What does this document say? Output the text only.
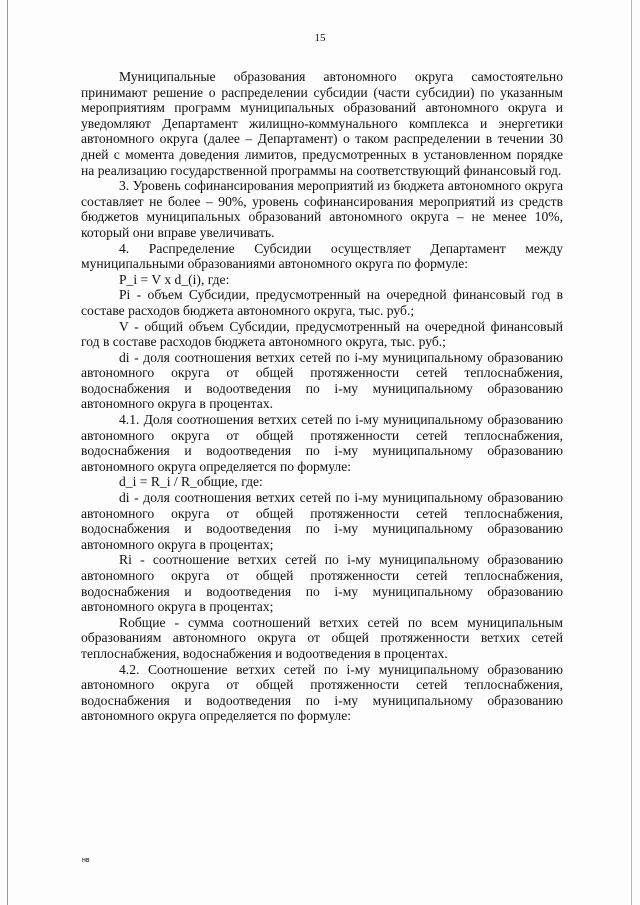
15

Муниципальные образования автономного округа самостоятельно принимают решение о распределении субсидии (части субсидии) по указанным мероприятиям программ муниципальных образований автономного округа и уведомляют Департамент жилищно-коммунального комплекса и энергетики автономного округа (далее – Департамент) о таком распределении в течении 30 дней с момента доведения лимитов, предусмотренных в установленном порядке на реализацию государственной программы на соответствующий финансовый год.

3. Уровень софинансирования мероприятий из бюджета автономного округа составляет не более – 90%, уровень софинансирования мероприятий из средств бюджетов муниципальных образований автономного округа – не менее 10%, который они вправе увеличивать.

4. Распределение Субсидии осуществляет Департамент между муниципальными образованиями автономного округа по формуле:

P_i = V x d_(i), где:

Pi - объем Субсидии, предусмотренный на очередной финансовый год в составе расходов бюджета автономного округа, тыс. руб.;

V - общий объем Субсидии, предусмотренный на очередной финансовый год в составе расходов бюджета автономного округа, тыс. руб.;

di - доля соотношения ветхих сетей по i-му муниципальному образованию автономного округа от общей протяженности сетей теплоснабжения, водоснабжения и водоотведения по i-му муниципальному образованию автономного округа в процентах.

4.1. Доля соотношения ветхих сетей по i-му муниципальному образованию автономного округа от общей протяженности сетей теплоснабжения, водоснабжения и водоотведения по i-му муниципальному образованию автономного округа определяется по формуле:

d_i = R_i / R_общие, где:

di - доля соотношения ветхих сетей по i-му муниципальному образованию автономного округа от общей протяженности сетей теплоснабжения, водоснабжения и водоотведения по i-му муниципальному образованию автономного округа в процентах;

Ri - соотношение ветхих сетей по i-му муниципальному образованию автономного округа от общей протяженности сетей теплоснабжения, водоснабжения и водоотведения по i-му муниципальному образованию автономного округа в процентах;

Rобщие - сумма соотношений ветхих сетей по всем муниципальным образованиям автономного округа от общей протяженности ветхих сетей теплоснабжения, водоснабжения и водоотведения в процентах.

4.2. Соотношение ветхих сетей по i-му муниципальному образованию автономного округа от общей протяженности сетей теплоснабжения, водоснабжения и водоотведения по i-му муниципальному образованию автономного округа определяется по формуле:

нв
